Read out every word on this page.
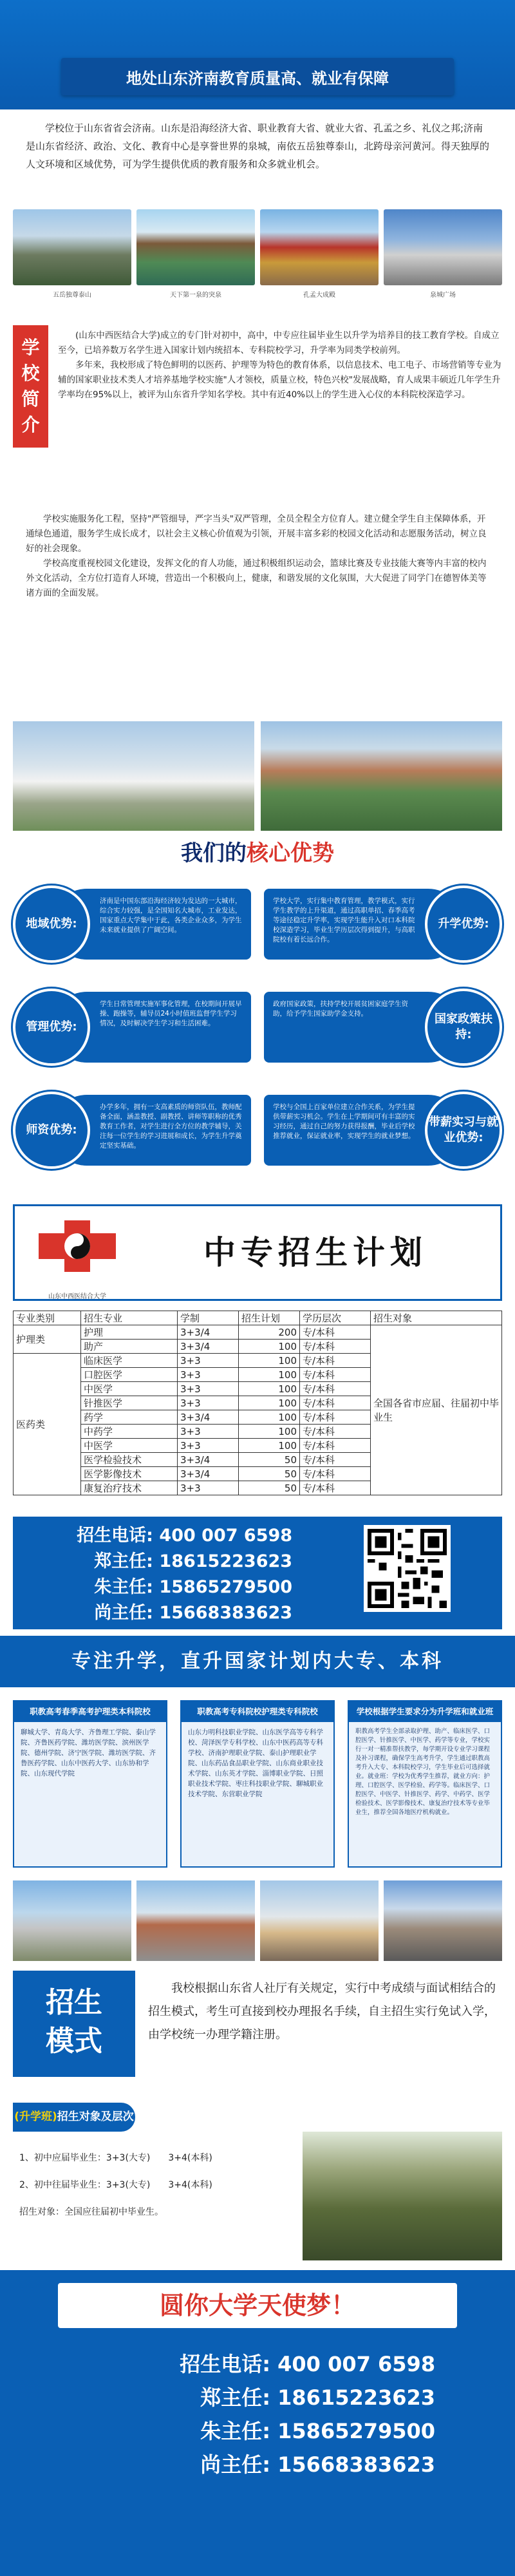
地处山东济南教育质量高、就业有保障
学校位于山东省省会济南。山东是沿海经济大省、职业教育大省、就业大省、孔孟之乡、礼仪之邦;济南是山东省经济、政治、文化、教育中心是享誉世界的泉城，南依五岳独尊泰山，北跨母亲河黄河。得天独厚的人文环境和区域优势，可为学生提供优质的教育服务和众多就业机会。
五岳独尊泰山	天下第一泉的突泉	孔孟大成殿	泉城广场
学
校
简
介

(山东中西医结合大学)成立的专门针对初中，高中，中专应往届毕业生以升学为培养目的技工教育学校。自成立至今，已培养数万名学生进入国家计划内统招本、专科院校学习，升学率为同类学校前列。

多年来，我校形成了特色鲜明的以医药、护理等为特色的教育体系，以信息技术、电工电子、市场营销等专业为辅的国家职业技术类人才培养基地学校实施"人才领校，质量立校，特色兴校"发展战略，育人成果丰硕近几年学生升学率均在95%以上，被评为山东省升学知名学校。其中有近40%以上的学生进入心仪的本科院校深造学习。

学校实施服务化工程，坚持"严管细导，严字当头"双严管理，全员全程全方位育人。建立健全学生自主保障体系，开通绿色通道，服务学生成长成才，以社会主义核心价值观为引领，开展丰富多彩的校园文化活动和志愿服务活动，树立良好的社会现象。

学校高度重视校园文化建设，发挥文化的育人功能，通过积极组织运动会，篮球比赛及专业技能大赛等内丰富的校内外文化活动，全方位打造育人环境，营造出一个积极向上，健康，和谐发展的文化氛围，大大促进了同学门在德智体美等诸方面的全面发展。

我们的核心优势
地域优势:
济南是中国东部沿海经济较为发达的一大城市，综合实力较强，是全国知名大城市，工业发达，国家重点大学集中于此，各类企业众多，为学生未来就业提供了广阔空间。
学校大学，实行集中教育管理，教学模式，实行学生教学的上升渠道，通过高职单招、春季高考等途径稳定升学率，实现学生能升入对口本科院校深造学习，毕业生学历层次得到提升，与高职院校有着长远合作。
升学优势:
管理优势:
学生日常管理实施军事化管理，在校期间开展早操、跑操等，辅导员24小时值班监督学生学习情况，及时解决学生学习和生活困难。
政府国家政策，扶持学校开展贫困家庭学生资助，给予学生国家助学金支持。	国家政策扶持:
师资优势:
办学多年，拥有一支高素质的师资队伍，教师配备全面，涵盖教授、副教授、讲师等职称的优秀教育工作者，对学生进行全方位的教学辅导，关注每一位学生的学习进展和成长，为学生升学奠定坚实基础。
学校与全国上百家单位建立合作关系，为学生提供带薪实习机会。学生在上学期间可有丰富的实习经历，通过自己的努力获得报酬，毕业后学校推荐就业，保证就业率，实现学生的就业梦想。
带薪实习与就业优势:
山东中西医结合大学
中专招生计划
专业类别	招生专业	学制	招生计划	学历层次	招生对象
护理类	护理	3+3/4	200	专/本科	全国各省市应届、往届初中毕业生
	助产	3+3/4	100	专/本科	
医药类	临床医学	3+3	100	专/本科	
	口腔医学	3+3	100	专/本科	
	中医学	3+3	100	专/本科	
	针推医学	3+3	100	专/本科	
	药学	3+3/4	100	专/本科	
	中药学	3+3	100	专/本科	
	中医学	3+3	100	专/本科	
	医学检验技术	3+3/4	50	专/本科	
	医学影像技术	3+3/4	50	专/本科	
	康复治疗技术	3+3	50	专/本科	
招生电话: 400 007 6598
郑主任: 18615223623
朱主任: 15865279500
尚主任: 15668383623
专注升学，直升国家计划内大专、本科
职教高考春季高考护理类本科院校
聊城大学、青岛大学、齐鲁理工学院、泰山学院、齐鲁医药学院、潍坊医学院、滨州医学院、德州学院、济宁医学院、潍坊医学院、齐鲁医药学院、山东中医药大学、山东协和学院、山东现代学院
职教高考专科院校护理类专科院校
山东力明科技职业学院、山东医学高等专科学校、菏泽医学专科学校、山东中医药高等专科学校、济南护理职业学院、泰山护理职业学院、山东药品食品职业学院、山东商业职业技术学院、山东英才学院、淄博职业学院、日照职业技术学院、枣庄科技职业学院、聊城职业技术学院、东营职业学院
学校根据学生要求分为升学班和就业班
职教高考学生全部录取护理、助产、临床医学、口腔医学、针推医学、中医学、药学等专业，学校实行一对一精准帮扶教学，每学期开设专业学习课程及补习课程，确保学生高考升学，学生通过职教高考升入大专、本科院校学习，学生毕业后可选择就业。就业班：学校为优秀学生推荐，就业方向：护理、口腔医学、医学检验、药学等。临床医学、口腔医学、中医学、针推医学、药学、中药学、医学检验技术、医学影像技术、康复治疗技术等专业毕业生，推荐全国各地医疗机构就业。
招生
模式
我校根据山东省人社厅有关规定，实行中考成绩与面试相结合的招生模式，考生可直接到校办理报名手续，自主招生实行免试入学，由学校统一办理学籍注册。
(升学班)招生对象及层次
1、初中应届毕业生：3+3(大专)　　3+4(本科)
2、初中往届毕业生：3+3(大专)　　3+4(本科)
招生对象：全国应往届初中毕业生。
圆你大学天使梦！
招生电话: 400 007 6598
郑主任: 18615223623
朱主任: 15865279500
尚主任: 15668383623
